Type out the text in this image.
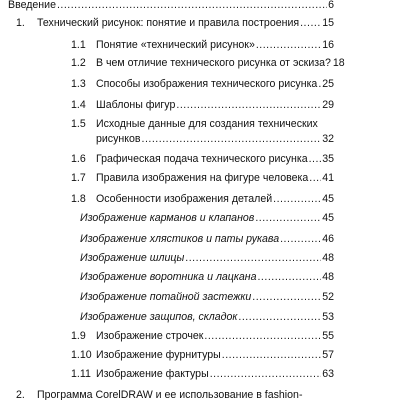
Введение .....	6
1. Технический рисунок: понятие и правила построения ..... 15
1.1 Понятие «технический рисунок» .....	16
1.2 В чем отличие технического рисунка от эскиза? 18
1.3 Способы изображения технического рисунка ..... 25
1.4 Шаблоны фигур .....	29
1.5 Исходные данные для создания технических
рисунков .....	32
1.6 Графическая подача технического рисунка ..... 35
1.7 Правила изображения на фигуре человека ..... 41
1.8 Особенности изображения деталей .....	45
Изображение карманов и клапанов .....	45
Изображение хлястиков и паты рукава .....	46
Изображение шлицы .....	48
Изображение воротника и лацкана .....	48
Изображение потайной застежки .....	52
Изображение защипов, складок .....	53
1.9 Изображение строчек .....	55
1.10 Изображение фурнитуры .....	57
1.11 Изображение фактуры .....	63
2. Программа CorelDRAW и ее использование в fashion-
